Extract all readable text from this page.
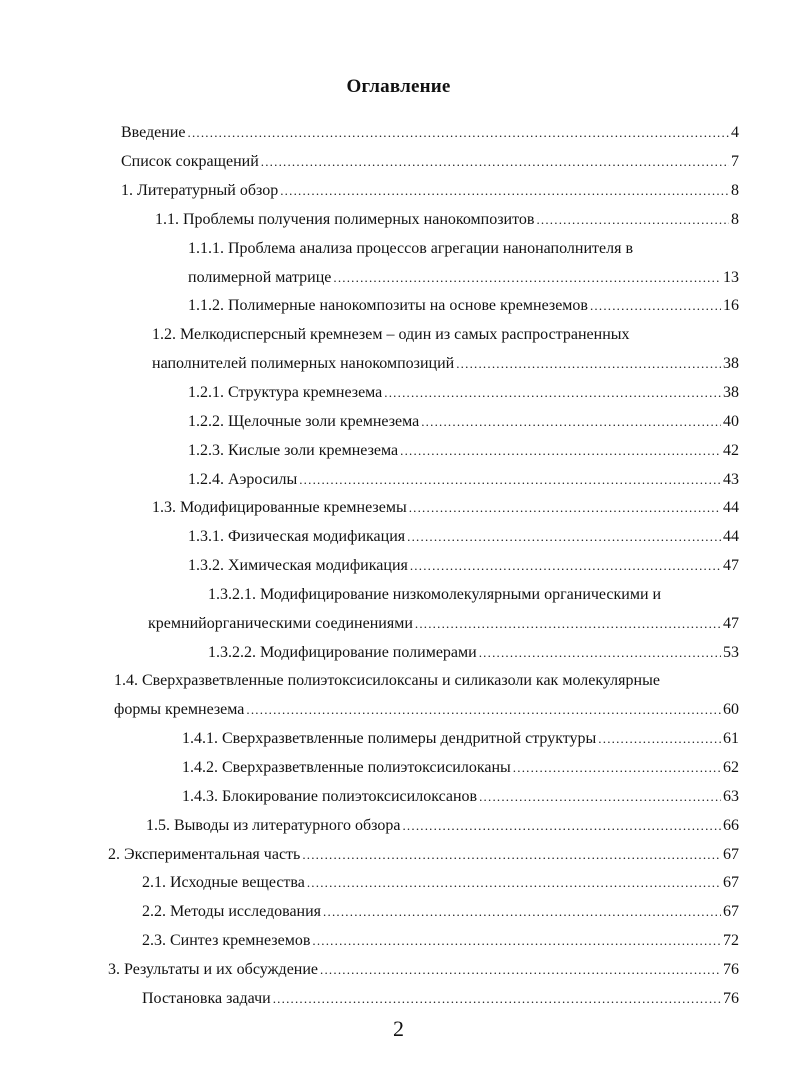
Оглавление
Введение .....	4
Список сокращений .....	7
1. Литературный обзор .....	8
1.1. Проблемы получения полимерных нанокомпозитов .....	8
1.1.1. Проблема анализа процессов агрегации нанонаполнителя в
полимерной матрице .....	13
1.1.2. Полимерные нанокомпозиты на основе кремнеземов .....	16
1.2. Мелкодисперсный кремнезем – один из самых распространенных
наполнителей полимерных нанокомпозиций .....	38
1.2.1. Структура кремнезема .....	38
1.2.2. Щелочные золи кремнезема .....	40
1.2.3. Кислые золи кремнезема .....	42
1.2.4. Аэросилы .....	43
1.3. Модифицированные кремнеземы .....	44
1.3.1. Физическая модификация .....	44
1.3.2. Химическая модификация .....	47
1.3.2.1. Модифицирование низкомолекулярными органическими и
кремнийорганическими соединениями .....	47
1.3.2.2. Модифицирование полимерами .....	53
1.4. Сверхразветвленные полиэтоксисилоксаны и силиказоли как молекулярные
формы кремнезема .....	60
1.4.1. Сверхразветвленные полимеры дендритной структуры .....	61
1.4.2. Сверхразветвленные полиэтоксисилоканы .....	62
1.4.3. Блокирование полиэтоксисилоксанов .....	63
1.5. Выводы из литературного обзора .....	66
2. Экспериментальная часть .....	67
2.1. Исходные вещества .....	67
2.2. Методы исследования .....	67
2.3. Синтез кремнеземов .....	72
3. Результаты и их обсуждение .....	76
Постановка задачи .....	76
2
